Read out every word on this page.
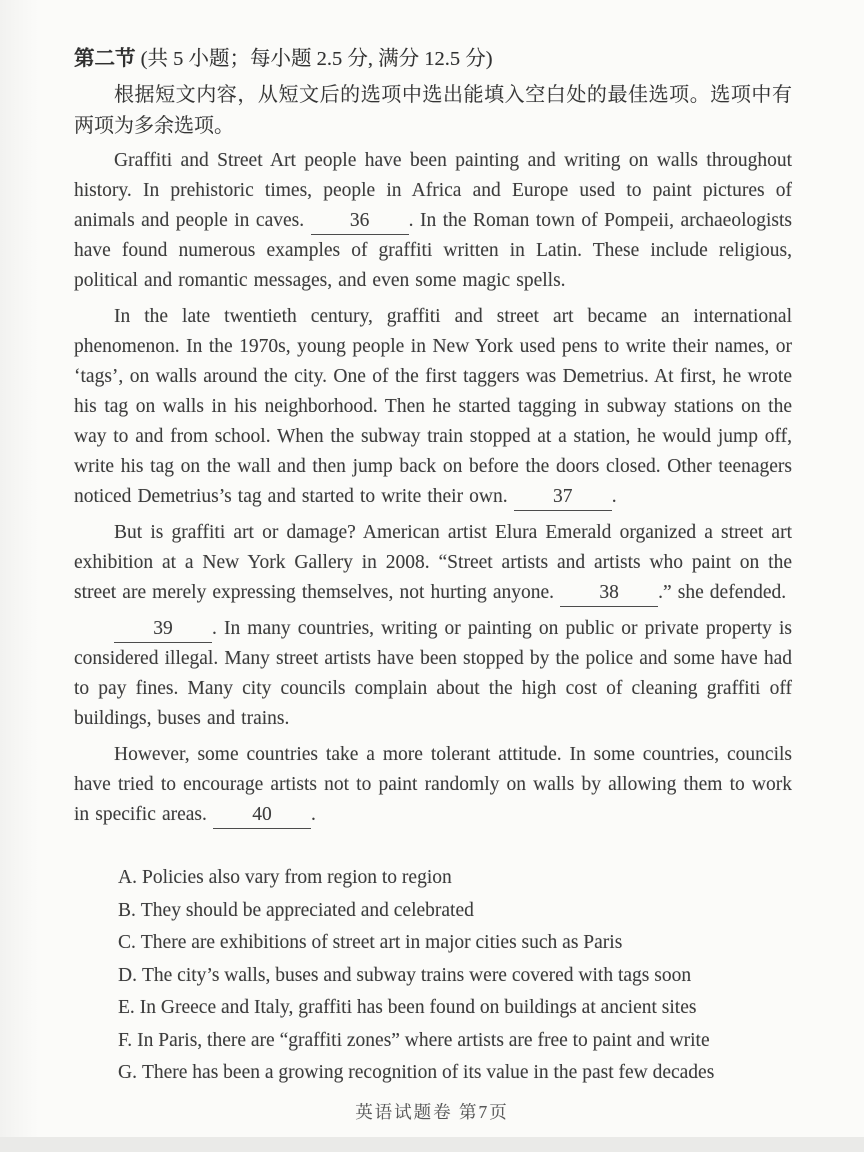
第二节 (共 5 小题；每小题 2.5 分, 满分 12.5 分)

根据短文内容，从短文后的选项中选出能填入空白处的最佳选项。选项中有两项为多余选项。

Graffiti and Street Art people have been painting and writing on walls throughout history. In prehistoric times, people in Africa and Europe used to paint pictures of animals and people in caves. 36 . In the Roman town of Pompeii, archaeologists have found numerous examples of graffiti written in Latin. These include religious, political and romantic messages, and even some magic spells.

In the late twentieth century, graffiti and street art became an international phenomenon. In the 1970s, young people in New York used pens to write their names, or ‘tags’, on walls around the city. One of the first taggers was Demetrius. At first, he wrote his tag on walls in his neighborhood. Then he started tagging in subway stations on the way to and from school. When the subway train stopped at a station, he would jump off, write his tag on the wall and then jump back on before the doors closed. Other teenagers noticed Demetrius’s tag and started to write their own. 37 .

But is graffiti art or damage? American artist Elura Emerald organized a street art exhibition at a New York Gallery in 2008. “Street artists and artists who paint on the street are merely expressing themselves, not hurting anyone. 38 .” she defended.

39 . In many countries, writing or painting on public or private property is considered illegal. Many street artists have been stopped by the police and some have had to pay fines. Many city councils complain about the high cost of cleaning graffiti off buildings, buses and trains.

However, some countries take a more tolerant attitude. In some countries, councils have tried to encourage artists not to paint randomly on walls by allowing them to work in specific areas. 40 .

A. Policies also vary from region to region
B. They should be appreciated and celebrated
C. There are exhibitions of street art in major cities such as Paris
D. The city’s walls, buses and subway trains were covered with tags soon
E. In Greece and Italy, graffiti has been found on buildings at ancient sites
F. In Paris, there are “graffiti zones” where artists are free to paint and write
G. There has been a growing recognition of its value in the past few decades
英语试题卷 第7页
